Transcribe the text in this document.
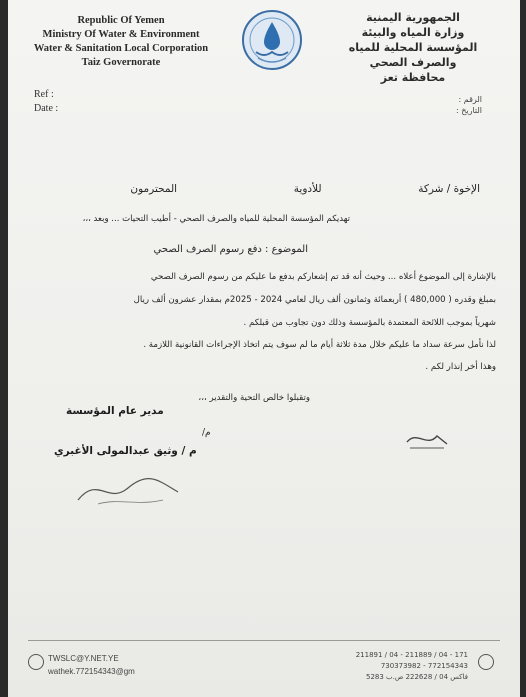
Republic Of Yemen
Ministry Of Water & Environment
Water & Sanitation Local Corporation
Taiz Governorate
الجمهورية اليمنية
وزارة المياه والبيئة
المؤسسة المحلية للمياه والصرف الصحي
محافظة تعز
Ref :
Date :
الرقم :
التاريخ :
الإخوة / شركة  للأدوية  المحترمون
تهديكم المؤسسة المحلية للمياه والصرف الصحي - أطيب التحيات ... وبعد ،،،
الموضوع : دفع رسوم الصرف الصحي
بالإشارة إلى الموضوع أعلاه ... وحيث أنه قد تم إشعاركم بدفع ما عليكم من رسوم الصرف الصحي
بمبلغ وقدره ( 480,000 ) أربعمائة وثمانون ألف ريال لعامي 2024 - 2025م بمقدار عشرون ألف ريال
شهرياً بموجب اللائحة المعتمدة بالمؤسسة وذلك دون تجاوب من قبلكم .
لذا نأمل سرعة سداد ما عليكم خلال مدة ثلاثة أيام ما لم سوف يتم اتخاذ الإجراءات القانونية اللازمة .
وهذا أخر إنذار لكم .
وتقبلوا خالص التحية والتقدير ،،،
مدير عام المؤسسة
/م
م / وثيق عبدالمولى الأغبري
TWSLC@Y.NET.YE
wathek.772154343@gm
171 - 04 / 211889 - 04 / 211891
772154343 - 730373982
فاكس 04 / 222628 ص.ب 5283
